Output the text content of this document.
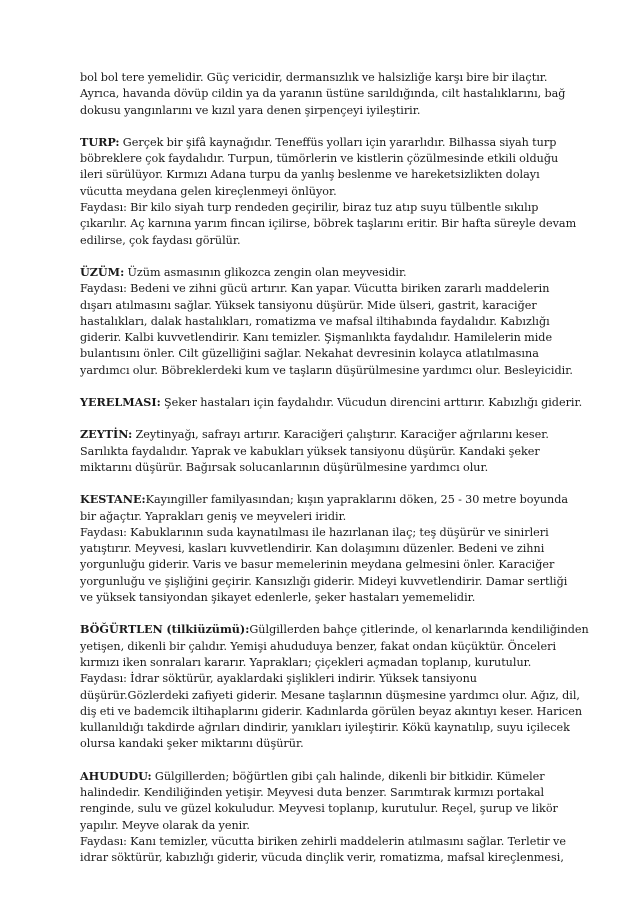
bol bol tere yemelidir. Güç vericidir, dermansızlık ve halsizliğe karşı bire bir ilaçtır.
Ayrıca, havanda dövüp cildin ya da yaranın üstüne sarıldığında, cilt hastalıklarını, bağ
dokusu yangınlarını ve kızıl yara denen şirpençeyi iyileştirir.

TURP: Gerçek bir şifâ kaynağıdır. Teneffüs yolları için yararlıdır. Bilhassa siyah turp
böbreklere çok faydalıdır. Turpun, tümörlerin ve kistlerin çözülmesinde etkili olduğu
ileri sürülüyor. Kırmızı Adana turpu da yanlış beslenme ve hareketsizlikten dolayı
vücutta meydana gelen kireçlenmeyi önlüyor.
Faydası: Bir kilo siyah turp rendeden geçirilir, biraz tuz atıp suyu tülbentle sıkılıp
çıkarılır. Aç karnına yarım fincan içilirse, böbrek taşlarını eritir. Bir hafta süreyle devam
edilirse, çok faydası görülür.

ÜZÜM: Üzüm asmasının glikozca zengin olan meyvesidir.
Faydası: Bedeni ve zihni gücü artırır. Kan yapar. Vücutta biriken zararlı maddelerin
dışarı atılmasını sağlar. Yüksek tansiyonu düşürür. Mide ülseri, gastrit, karaciğer
hastalıkları, dalak hastalıkları, romatizma ve mafsal iltihabında faydalıdır. Kabızlığı
giderir. Kalbi kuvvetlendirir. Kanı temizler. Şişmanlıkta faydalıdır. Hamilelerin mide
bulantısını önler. Cilt güzelliğini sağlar. Nekahat devresinin kolayca atlatılmasına
yardımcı olur. Böbreklerdeki kum ve taşların düşürülmesine yardımcı olur. Besleyicidir.

YERELMASI: Şeker hastaları için faydalıdır. Vücudun direncini arttırır. Kabızlığı giderir.

ZEYTİN: Zeytinyağı, safrayı artırır. Karaciğeri çalıştırır. Karaciğer ağrılarını keser.
Sarılıkta faydalıdır. Yaprak ve kabukları yüksek tansiyonu düşürür. Kandaki şeker
miktarını düşürür. Bağırsak solucanlarının düşürülmesine yardımcı olur.

KESTANE:Kayıngiller familyasından; kışın yapraklarını döken, 25 - 30 metre boyunda
bir ağaçtır. Yaprakları geniş ve meyveleri iridir.
Faydası: Kabuklarının suda kaynatılması ile hazırlanan ilaç; teş düşürür ve sinirleri
yatıştırır. Meyvesi, kasları kuvvetlendirir. Kan dolaşımını düzenler. Bedeni ve zihni
yorgunluğu giderir. Varis ve basur memelerinin meydana gelmesini önler. Karaciğer
yorgunluğu ve şişliğini geçirir. Kansızlığı giderir. Mideyi kuvvetlendirir. Damar sertliği
ve yüksek tansiyondan şikayet edenlerle, şeker hastaları yememelidir.

BÖĞÜRTLEN (tilkiüzümü):Gülgillerden bahçe çitlerinde, ol kenarlarında kendiliğinden
yetişen, dikenli bir çalıdır. Yemişi ahududuya benzer, fakat ondan küçüktür. Önceleri
kırmızı iken sonraları kararır. Yaprakları; çiçekleri açmadan toplanıp, kurutulur.
Faydası: İdrar söktürür, ayaklardaki şişlikleri indirir. Yüksek tansiyonu
düşürür.Gözlerdeki zafiyeti giderir. Mesane taşlarının düşmesine yardımcı olur. Ağız, dil,
diş eti ve bademcik iltihaplarını giderir. Kadınlarda görülen beyaz akıntıyı keser. Haricen
kullanıldığı takdirde ağrıları dindirir, yanıkları iyileştirir. Kökü kaynatılıp, suyu içilecek
olursa kandaki şeker miktarını düşürür.

AHUDUDU: Gülgillerden; böğürtlen gibi çalı halinde, dikenli bir bitkidir. Kümeler
halindedir. Kendiliğinden yetişir. Meyvesi duta benzer. Sarımtırak kırmızı portakal
renginde, sulu ve güzel kokuludur. Meyvesi toplanıp, kurutulur. Reçel, şurup ve likör
yapılır. Meyve olarak da yenir.
Faydası: Kanı temizler, vücutta biriken zehirli maddelerin atılmasını sağlar. Terletir ve
idrar söktürür, kabızlığı giderir, vücuda dinçlik verir, romatizma, mafsal kireçlenmesi,
